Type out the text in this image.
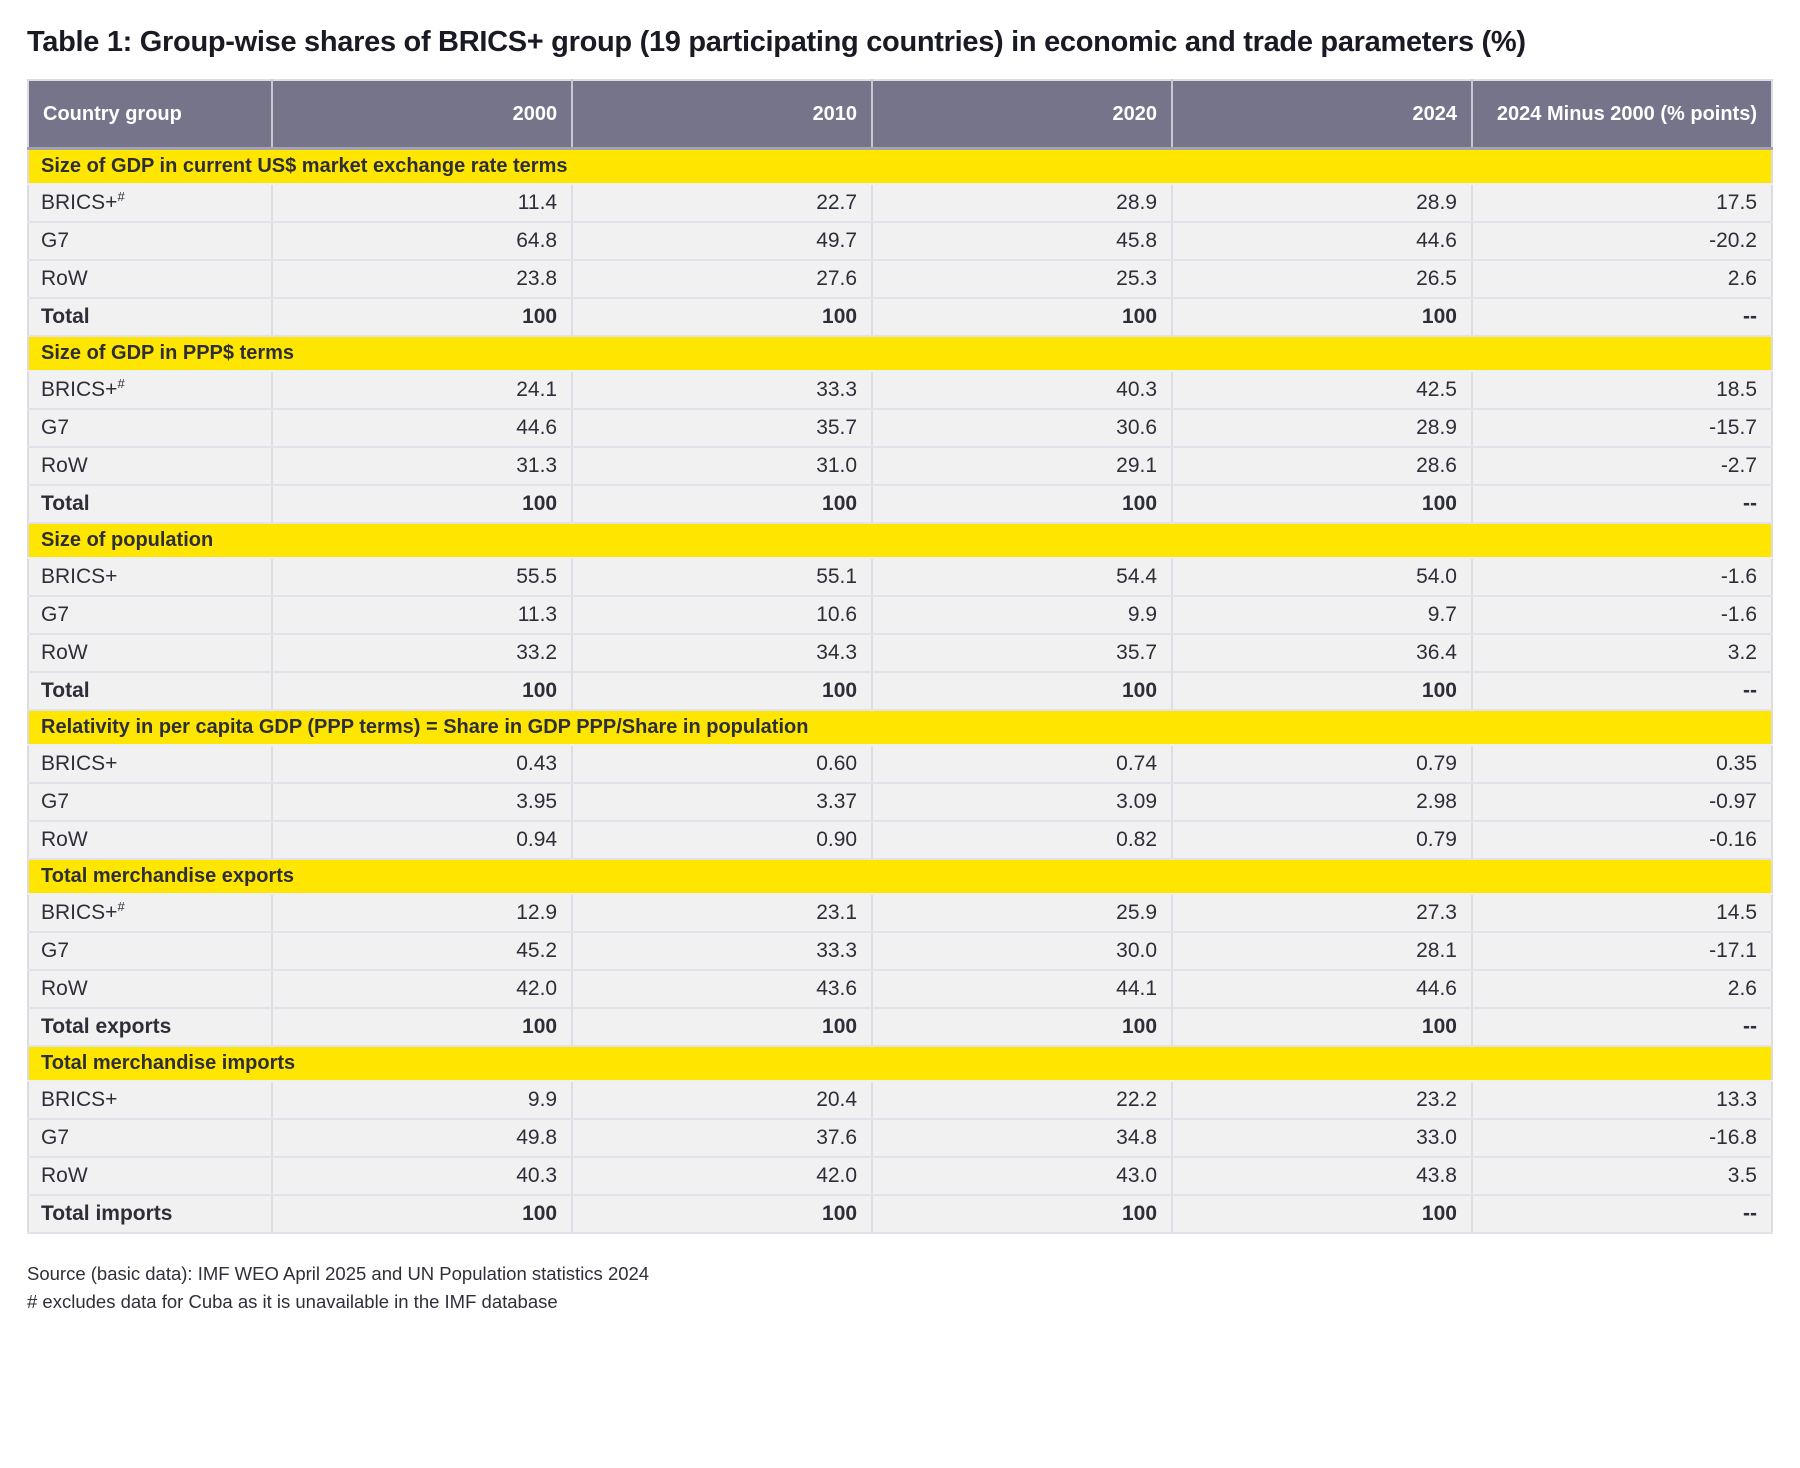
Table 1: Group-wise shares of BRICS+ group (19 participating countries) in economic and trade parameters (%)
Country group	2000	2010	2020	2024	2024 Minus 2000 (% points)
Size of GDP in current US$ market exchange rate terms					
BRICS+#	11.4	22.7	28.9	28.9	17.5
G7	64.8	49.7	45.8	44.6	-20.2
RoW	23.8	27.6	25.3	26.5	2.6
Total	100	100	100	100	--
Size of GDP in PPP$ terms					
BRICS+#	24.1	33.3	40.3	42.5	18.5
G7	44.6	35.7	30.6	28.9	-15.7
RoW	31.3	31.0	29.1	28.6	-2.7
Total	100	100	100	100	--
Size of population					
BRICS+	55.5	55.1	54.4	54.0	-1.6
G7	11.3	10.6	9.9	9.7	-1.6
RoW	33.2	34.3	35.7	36.4	3.2
Total	100	100	100	100	--
Relativity in per capita GDP (PPP terms) = Share in GDP PPP/Share in population					
BRICS+	0.43	0.60	0.74	0.79	0.35
G7	3.95	3.37	3.09	2.98	-0.97
RoW	0.94	0.90	0.82	0.79	-0.16
Total merchandise exports					
BRICS+#	12.9	23.1	25.9	27.3	14.5
G7	45.2	33.3	30.0	28.1	-17.1
RoW	42.0	43.6	44.1	44.6	2.6
Total exports	100	100	100	100	--
Total merchandise imports					
BRICS+	9.9	20.4	22.2	23.2	13.3
G7	49.8	37.6	34.8	33.0	-16.8
RoW	40.3	42.0	43.0	43.8	3.5
Total imports	100	100	100	100	--

Source (basic data): IMF WEO April 2025 and UN Population statistics 2024

# excludes data for Cuba as it is unavailable in the IMF database
